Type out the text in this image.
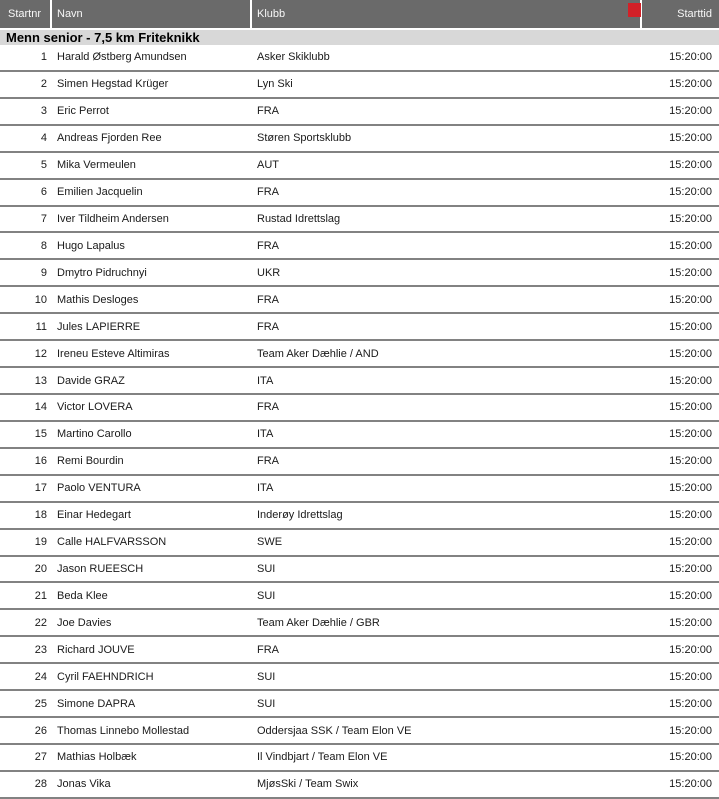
Startnr Navn	Klubb	Starttid
Menn senior - 7,5 km Friteknikk
1 Harald Østberg Amundsen	Asker Skiklubb	15:20:00
2 Simen Hegstad Krüger	Lyn Ski	15:20:00
3 Eric Perrot	FRA	15:20:00
4 Andreas Fjorden Ree	Støren Sportsklubb	15:20:00
5 Mika Vermeulen	AUT	15:20:00
6 Emilien Jacquelin	FRA	15:20:00
7 Iver Tildheim Andersen	Rustad Idrettslag	15:20:00
8 Hugo Lapalus	FRA	15:20:00
9 Dmytro Pidruchnyi	UKR	15:20:00
10 Mathis Desloges	FRA	15:20:00
11 Jules LAPIERRE	FRA	15:20:00
12 Ireneu Esteve Altimiras	Team Aker Dæhlie / AND	15:20:00
13 Davide GRAZ	ITA	15:20:00
14 Victor LOVERA	FRA	15:20:00
15 Martino Carollo	ITA	15:20:00
16 Remi Bourdin	FRA	15:20:00
17 Paolo VENTURA	ITA	15:20:00
18 Einar Hedegart	Inderøy Idrettslag	15:20:00
19 Calle HALFVARSSON	SWE	15:20:00
20 Jason RUEESCH	SUI	15:20:00
21 Beda Klee	SUI	15:20:00
22 Joe Davies	Team Aker Dæhlie / GBR	15:20:00
23 Richard JOUVE	FRA	15:20:00
24 Cyril FAEHNDRICH	SUI	15:20:00
25 Simone DAPRA	SUI	15:20:00
26 Thomas Linnebo Mollestad	Oddersjaa SSK / Team Elon VE	15:20:00
27 Mathias Holbæk	Il Vindbjart / Team Elon VE	15:20:00
28 Jonas Vika	MjøsSki / Team Swix	15:20:00
